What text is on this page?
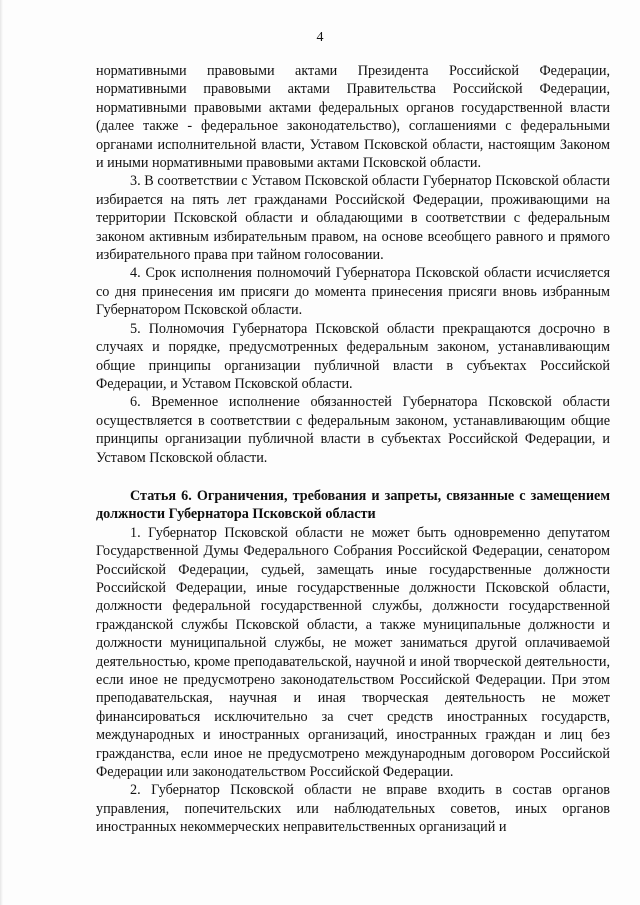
4

нормативными правовыми актами Президента Российской Федерации, нормативными правовыми актами Правительства Российской Федерации, нормативными правовыми актами федеральных органов государственной власти (далее также - федеральное законодательство), соглашениями с федеральными органами исполнительной власти, Уставом Псковской области, настоящим Законом и иными нормативными правовыми актами Псковской области.

3. В соответствии с Уставом Псковской области Губернатор Псковской области избирается на пять лет гражданами Российской Федерации, проживающими на территории Псковской области и обладающими в соответствии с федеральным законом активным избирательным правом, на основе всеобщего равного и прямого избирательного права при тайном голосовании.

4. Срок исполнения полномочий Губернатора Псковской области исчисляется со дня принесения им присяги до момента принесения присяги вновь избранным Губернатором Псковской области.

5. Полномочия Губернатора Псковской области прекращаются досрочно в случаях и порядке, предусмотренных федеральным законом, устанавливающим общие принципы организации публичной власти в субъектах Российской Федерации, и Уставом Псковской области.

6. Временное исполнение обязанностей Губернатора Псковской области осуществляется в соответствии с федеральным законом, устанавливающим общие принципы организации публичной власти в субъектах Российской Федерации, и Уставом Псковской области.

Статья 6. Ограничения, требования и запреты, связанные с замещением должности Губернатора Псковской области

1. Губернатор Псковской области не может быть одновременно депутатом Государственной Думы Федерального Собрания Российской Федерации, сенатором Российской Федерации, судьей, замещать иные государственные должности Российской Федерации, иные государственные должности Псковской области, должности федеральной государственной службы, должности государственной гражданской службы Псковской области, а также муниципальные должности и должности муниципальной службы, не может заниматься другой оплачиваемой деятельностью, кроме преподавательской, научной и иной творческой деятельности, если иное не предусмотрено законодательством Российской Федерации. При этом преподавательская, научная и иная творческая деятельность не может финансироваться исключительно за счет средств иностранных государств, международных и иностранных организаций, иностранных граждан и лиц без гражданства, если иное не предусмотрено международным договором Российской Федерации или законодательством Российской Федерации.

2. Губернатор Псковской области не вправе входить в состав органов управления, попечительских или наблюдательных советов, иных органов иностранных некоммерческих неправительственных организаций и
